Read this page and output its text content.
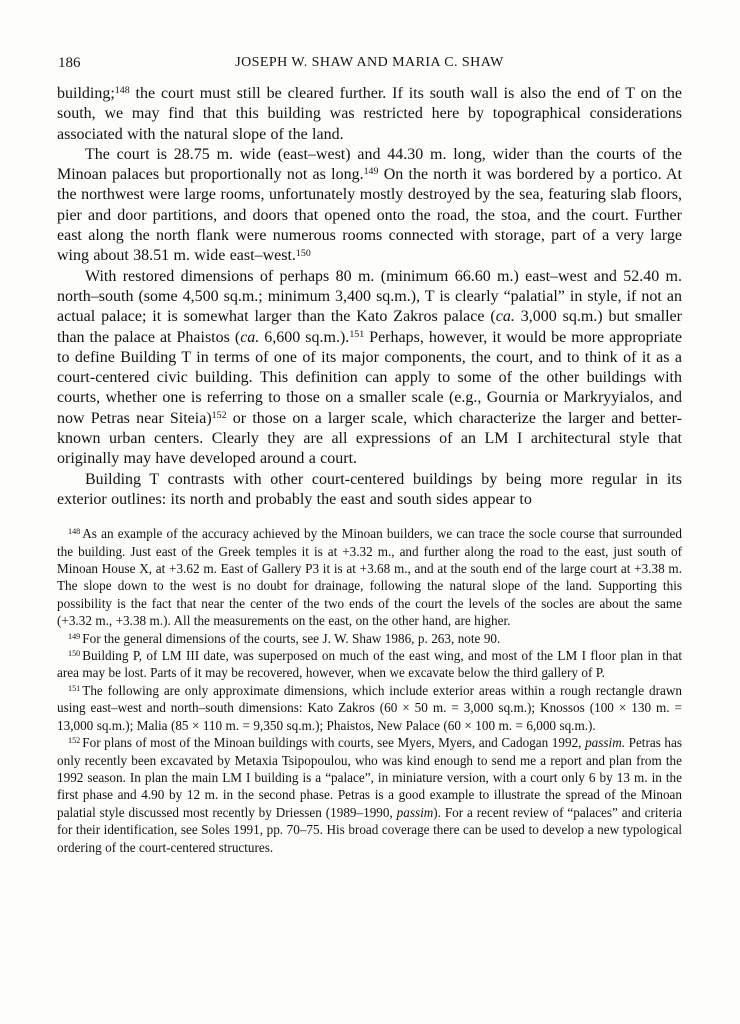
186	JOSEPH W. SHAW AND MARIA C. SHAW

building;$^{148}$ the court must still be cleared further. If its south wall is also the end of T on the south, we may find that this building was restricted here by topographical considerations associated with the natural slope of the land.

The court is 28.75 m. wide (east–west) and 44.30 m. long, wider than the courts of the Minoan palaces but proportionally not as long.$^{149}$ On the north it was bordered by a portico. At the northwest were large rooms, unfortunately mostly destroyed by the sea, featuring slab floors, pier and door partitions, and doors that opened onto the road, the stoa, and the court. Further east along the north flank were numerous rooms connected with storage, part of a very large wing about 38.51 m. wide east–west.$^{150}$

With restored dimensions of perhaps 80 m. (minimum 66.60 m.) east–west and 52.40 m. north–south (some 4,500 sq.m.; minimum 3,400 sq.m.), T is clearly “palatial” in style, if not an actual palace; it is somewhat larger than the Kato Zakros palace (ca. 3,000 sq.m.) but smaller than the palace at Phaistos (ca. 6,600 sq.m.).$^{151}$ Perhaps, however, it would be more appropriate to define Building T in terms of one of its major components, the court, and to think of it as a court-centered civic building. This definition can apply to some of the other buildings with courts, whether one is referring to those on a smaller scale (e.g., Gournia or Markryyialos, and now Petras near Siteia)$^{152}$ or those on a larger scale, which characterize the larger and better-known urban centers. Clearly they are all expressions of an LM I architectural style that originally may have developed around a court.

Building T contrasts with other court-centered buildings by being more regular in its exterior outlines: its north and probably the east and south sides appear to

$^{148}$ As an example of the accuracy achieved by the Minoan builders, we can trace the socle course that surrounded the building. Just east of the Greek temples it is at +3.32 m., and further along the road to the east, just south of Minoan House X, at +3.62 m. East of Gallery P3 it is at +3.68 m., and at the south end of the large court at +3.38 m. The slope down to the west is no doubt for drainage, following the natural slope of the land. Supporting this possibility is the fact that near the center of the two ends of the court the levels of the socles are about the same (+3.32 m., +3.38 m.). All the measurements on the east, on the other hand, are higher.

$^{149}$ For the general dimensions of the courts, see J. W. Shaw 1986, p. 263, note 90.

$^{150}$ Building P, of LM III date, was superposed on much of the east wing, and most of the LM I floor plan in that area may be lost. Parts of it may be recovered, however, when we excavate below the third gallery of P.

$^{151}$ The following are only approximate dimensions, which include exterior areas within a rough rectangle drawn using east–west and north–south dimensions: Kato Zakros (60 × 50 m. = 3,000 sq.m.); Knossos (100 × 130 m. = 13,000 sq.m.); Malia (85 × 110 m. = 9,350 sq.m.); Phaistos, New Palace (60 × 100 m. = 6,000 sq.m.).

$^{152}$ For plans of most of the Minoan buildings with courts, see Myers, Myers, and Cadogan 1992, passim. Petras has only recently been excavated by Metaxia Tsipopoulou, who was kind enough to send me a report and plan from the 1992 season. In plan the main LM I building is a “palace”, in miniature version, with a court only 6 by 13 m. in the first phase and 4.90 by 12 m. in the second phase. Petras is a good example to illustrate the spread of the Minoan palatial style discussed most recently by Driessen (1989–1990, passim). For a recent review of “palaces” and criteria for their identification, see Soles 1991, pp. 70–75. His broad coverage there can be used to develop a new typological ordering of the court-centered structures.
